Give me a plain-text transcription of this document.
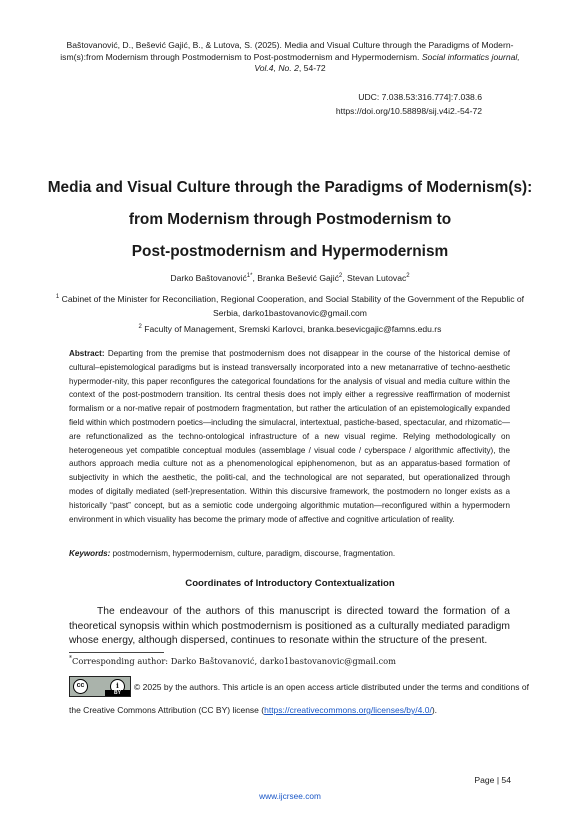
Baštovanović, D., Bešević Gajić, B., & Lutova, S. (2025). Media and Visual Culture through the Paradigms of Modern-
ism(s):from Modernism through Postmodernism to Post-postmodernism and Hypermodernism. Social informatics journal,
Vol.4, No. 2, 54-72
UDC: 7.038.53:316.774]:7.038.6
https://doi.org/10.58898/sij.v4i2.-54-72
Media and Visual Culture through the Paradigms of Modernism(s):
from Modernism through Postmodernism to
Post-postmodernism and Hypermodernism
Darko Baštovanović$^{1*}$, Branka Bešević Gajić$^2$, Stevan Lutovac$^2$
$^1$ Cabinet of the Minister for Reconciliation, Regional Cooperation, and Social Stability of the Government of the Republic of
Serbia, darko1bastovanovic@gmail.com
$^2$ Faculty of Management, Sremski Karlovci, branka.besevicgajic@famns.edu.rs
Abstract: Departing from the premise that postmodernism does not disappear in the course of the historical demise of cultural–epistemological paradigms but is instead transversally incorporated into a new metanarrative of techno-aesthetic hypermoder-nity, this paper reconfigures the categorical foundations for the analysis of visual and media culture within the context of the post-postmodern transition. Its central thesis does not imply either a regressive reaffirmation of modernist formalism or a nor-mative repair of postmodern fragmentation, but rather the articulation of an epistemologically expanded field within which postmodern poetics—including the simulacral, intertextual, pastiche-based, spectacular, and rhizomatic—are refunctionalized as the techno-ontological infrastructure of a new visual regime. Relying methodologically on heterogeneous yet compatible conceptual modules (assemblage / visual code / cyberspace / algorithmic affectivity), the authors approach media culture not as a phenomenological epiphenomenon, but as an apparatus-based formation of subjectivity in which the aesthetic, the politi-cal, and the technological are not separated, but operationalized through modes of digitally mediated (self-)representation. Within this discursive framework, the postmodern no longer exists as a historically “past” concept, but as a semiotic code undergoing algorithmic mutation—reconfigured within a hypermodern environment in which visuality has become the primary mode of affective and cognitive articulation of reality.
Keywords: postmodernism, hypermodernism, culture, paradigm, discourse, fragmentation.
Coordinates of Introductory Contextualization
The endeavour of the authors of this manuscript is directed toward the formation of a theoretical synopsis within which postmodernism is positioned as a culturally mediated paradigm whose energy, although dispersed, continues to resonate within the structure of the present.
*Corresponding author: Darko Baštovanović, darko1bastovanovic@gmail.com
cc	i
BY
© 2025 by the authors. This article is an open access article distributed under the terms and conditions of
the Creative Commons Attribution (CC BY) license (https://creativecommons.org/licenses/by/4.0/).
Page | 54
www.ijcrsee.com
